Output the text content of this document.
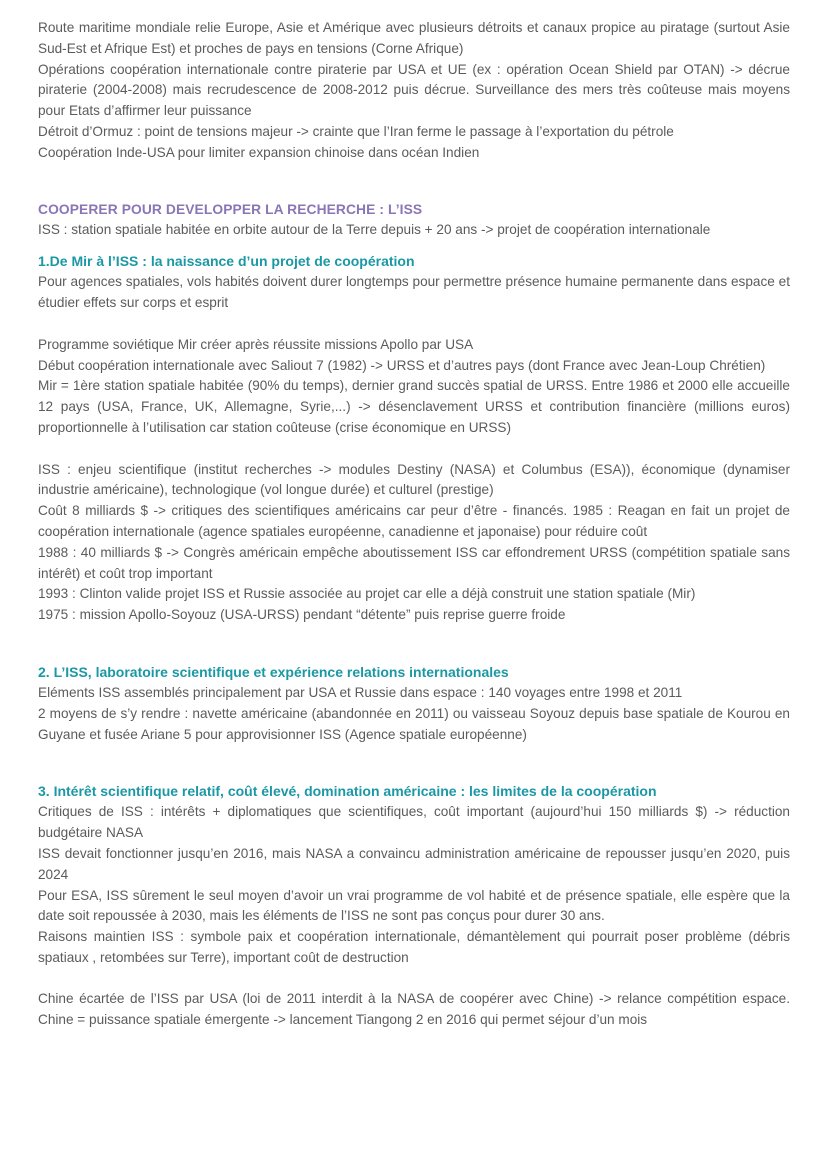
Route maritime mondiale relie Europe, Asie et Amérique avec plusieurs détroits et canaux propice au piratage (surtout Asie Sud-Est et Afrique Est) et proches de pays en tensions (Corne Afrique)

Opérations coopération internationale contre piraterie par USA et UE (ex : opération Ocean Shield par OTAN) -> décrue piraterie (2004-2008) mais recrudescence de 2008-2012 puis décrue. Surveillance des mers très coûteuse mais moyens pour Etats d’affirmer leur puissance

Détroit d’Ormuz : point de tensions majeur -> crainte que l’Iran ferme le passage à l’exportation du pétrole

Coopération Inde-USA pour limiter expansion chinoise dans océan Indien

COOPERER POUR DEVELOPPER LA RECHERCHE : L’ISS

ISS : station spatiale habitée en orbite autour de la Terre depuis + 20 ans -> projet de coopération internationale

1.De Mir à l’ISS : la naissance d’un projet de coopération

Pour agences spatiales, vols habités doivent durer longtemps pour permettre présence humaine permanente dans espace et étudier effets sur corps et esprit

Programme soviétique Mir créer après réussite missions Apollo par USA

Début coopération internationale avec Saliout 7 (1982) -> URSS et d’autres pays (dont France avec Jean-Loup Chrétien)

Mir = 1ère station spatiale habitée (90% du temps), dernier grand succès spatial de URSS. Entre 1986 et 2000 elle accueille 12 pays (USA, France, UK, Allemagne, Syrie,...) -> désenclavement URSS et contribution financière (millions euros) proportionnelle à l’utilisation car station coûteuse (crise économique en URSS)

ISS : enjeu scientifique (institut recherches -> modules Destiny (NASA) et Columbus (ESA)), économique (dynamiser industrie américaine), technologique (vol longue durée) et culturel (prestige)

Coût 8 milliards $ -> critiques des scientifiques américains car peur d’être - financés. 1985 : Reagan en fait un projet de coopération internationale (agence spatiales européenne, canadienne et japonaise) pour réduire coût

1988 : 40 milliards $ -> Congrès américain empêche aboutissement ISS car effondrement URSS (compétition spatiale sans intérêt) et coût trop important

1993 : Clinton valide projet ISS et Russie associée au projet car elle a déjà construit une station spatiale (Mir)

1975 : mission Apollo-Soyouz (USA-URSS) pendant “détente” puis reprise guerre froide

2. L’ISS, laboratoire scientifique et expérience relations internationales

Eléments ISS assemblés principalement par USA et Russie dans espace : 140 voyages entre 1998 et 2011

2 moyens de s’y rendre : navette américaine (abandonnée en 2011) ou vaisseau Soyouz depuis base spatiale de Kourou en Guyane et fusée Ariane 5 pour approvisionner ISS (Agence spatiale européenne)

3. Intérêt scientifique relatif, coût élevé, domination américaine : les limites de la coopération

Critiques de ISS : intérêts + diplomatiques que scientifiques, coût important (aujourd’hui 150 milliards $) -> réduction budgétaire NASA

ISS devait fonctionner jusqu’en 2016, mais NASA a convaincu administration américaine de repousser jusqu’en 2020, puis 2024

Pour ESA, ISS sûrement le seul moyen d’avoir un vrai programme de vol habité et de présence spatiale, elle espère que la date soit repoussée à 2030, mais les éléments de l’ISS ne sont pas conçus pour durer 30 ans.

Raisons maintien ISS : symbole paix et coopération internationale, démantèlement qui pourrait poser problème (débris spatiaux , retombées sur Terre), important coût de destruction

Chine écartée de l’ISS par USA (loi de 2011 interdit à la NASA de coopérer avec Chine) -> relance compétition espace. Chine = puissance spatiale émergente -> lancement Tiangong 2 en 2016 qui permet séjour d’un mois
